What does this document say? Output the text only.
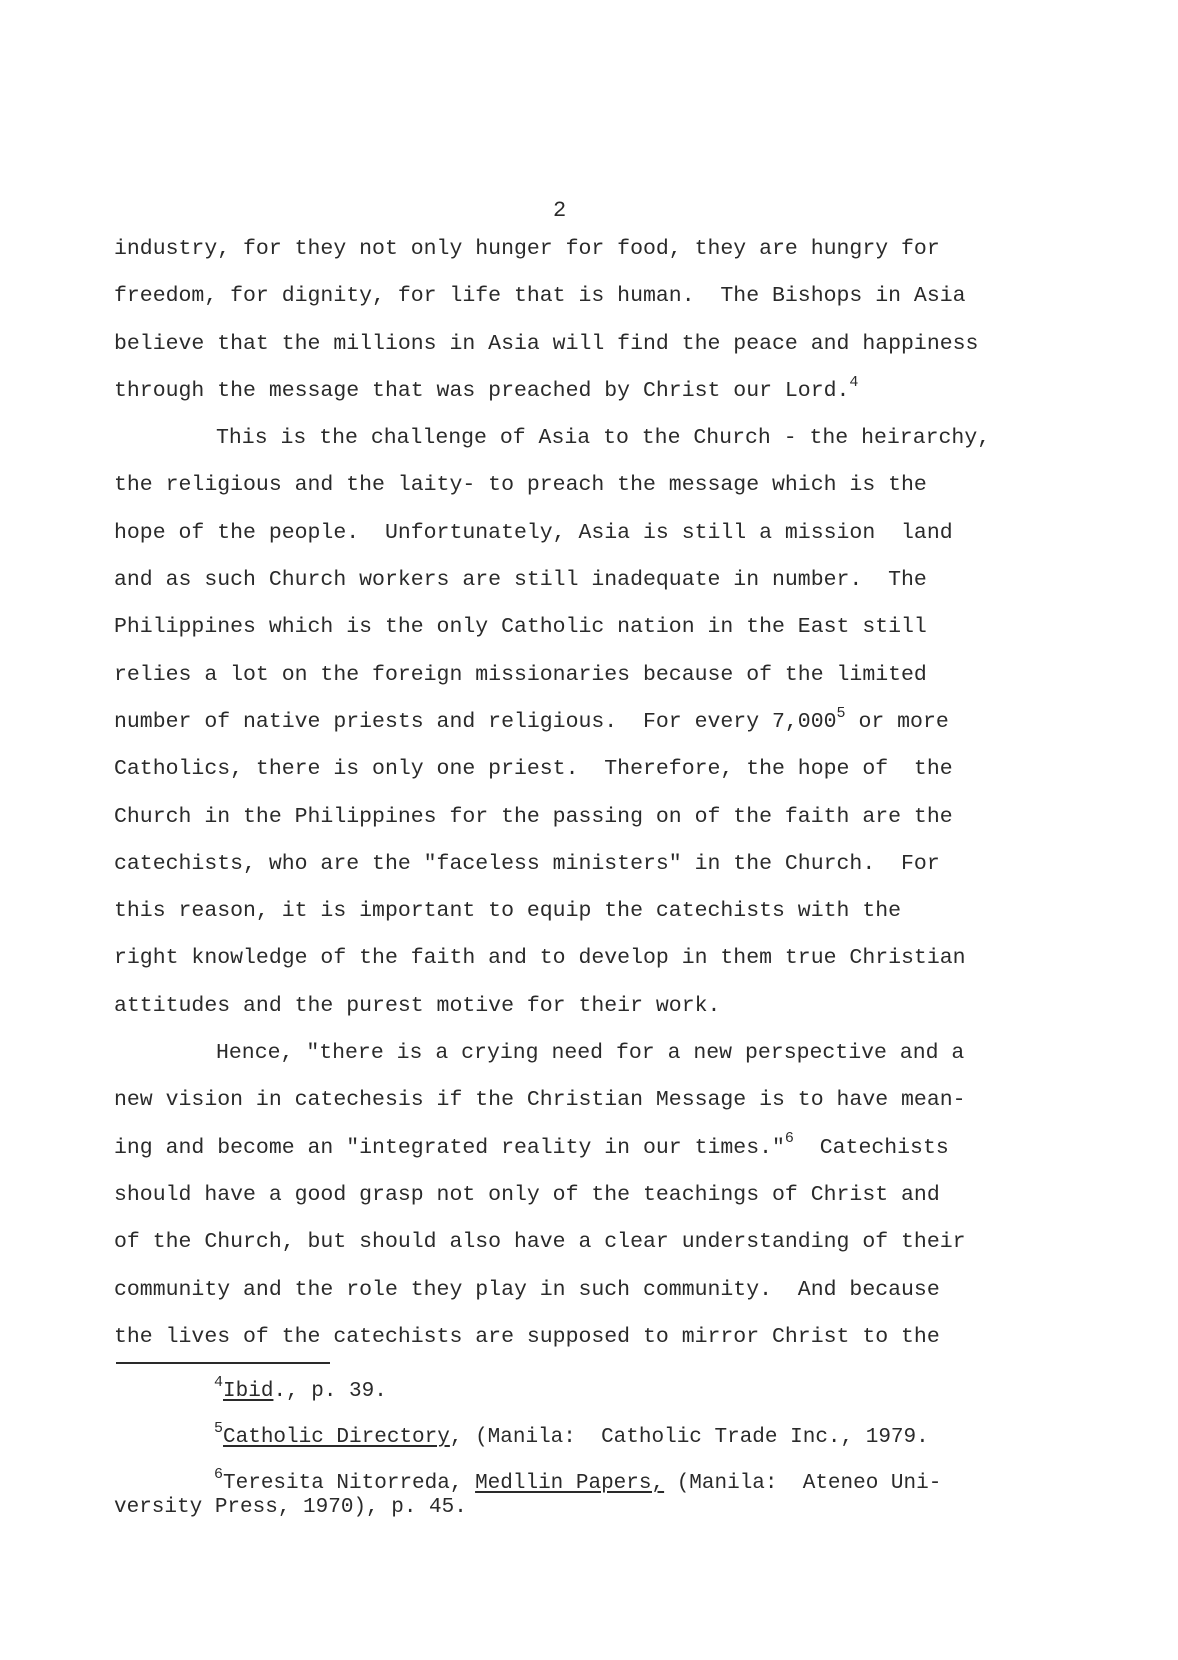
2
industry, for they not only hunger for food, they are hungry for
freedom, for dignity, for life that is human.  The Bishops in Asia
believe that the millions in Asia will find the peace and happiness
through the message that was preached by Christ our Lord.$^4$
This is the challenge of Asia to the Church - the heirarchy,
the religious and the laity- to preach the message which is the
hope of the people.  Unfortunately, Asia is still a mission  land
and as such Church workers are still inadequate in number.  The
Philippines which is the only Catholic nation in the East still
relies a lot on the foreign missionaries because of the limited
number of native priests and religious.  For every 7,000$^5$ or more
Catholics, there is only one priest.  Therefore, the hope of  the
Church in the Philippines for the passing on of the faith are the
catechists, who are the "faceless ministers" in the Church.  For
this reason, it is important to equip the catechists with the
right knowledge of the faith and to develop in them true Christian
attitudes and the purest motive for their work.
Hence, "there is a crying need for a new perspective and a
new vision in catechesis if the Christian Message is to have mean-
ing and become an "integrated reality in our times."$^6$  Catechists
should have a good grasp not only of the teachings of Christ and
of the Church, but should also have a clear understanding of their
community and the role they play in such community.  And because
the lives of the catechists are supposed to mirror Christ to the
$^4$Ibid., p. 39.
$^5$Catholic Directory, (Manila:  Catholic Trade Inc., 1979.
$^6$Teresita Nitorreda, Medllin Papers, (Manila:  Ateneo Uni-
versity Press, 1970), p. 45.
